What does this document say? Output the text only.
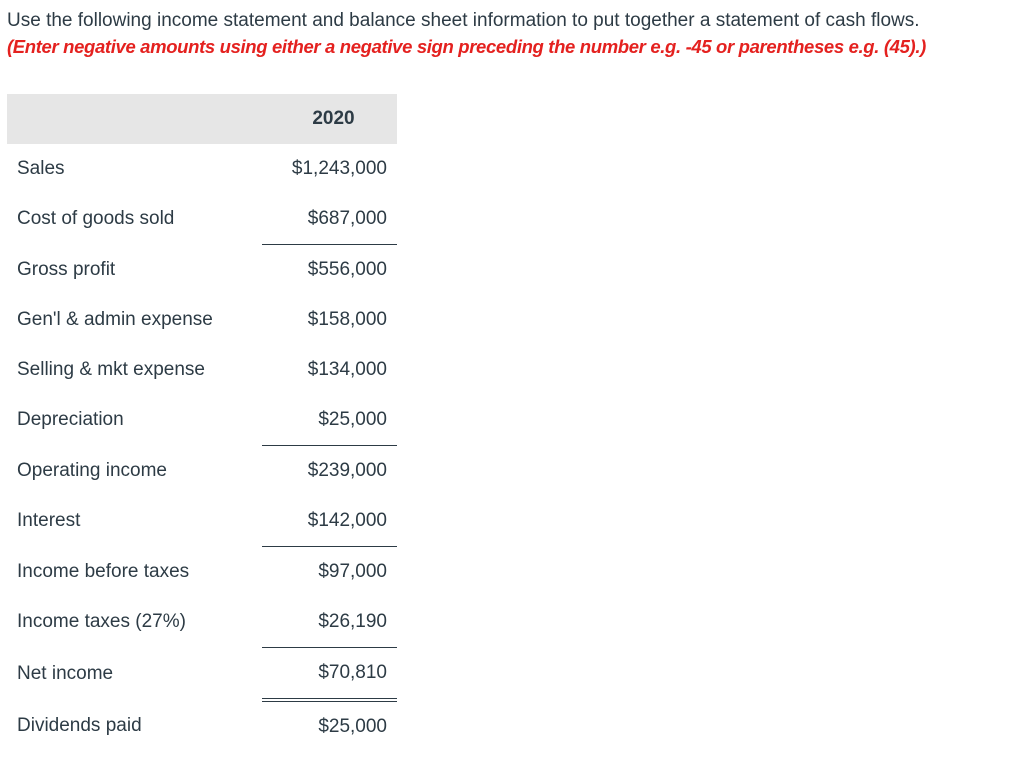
Use the following income statement and balance sheet information to put together a statement of cash flows.
(Enter negative amounts using either a negative sign preceding the number e.g. -45 or parentheses e.g. (45).)
	2020
Sales	$1,243,000
Cost of goods sold	$687,000
Gross profit	$556,000
Gen'l & admin expense	$158,000
Selling & mkt expense	$134,000
Depreciation	$25,000
Operating income	$239,000
Interest	$142,000
Income before taxes	$97,000
Income taxes (27%)	$26,190
Net income	$70,810
Dividends paid	$25,000
